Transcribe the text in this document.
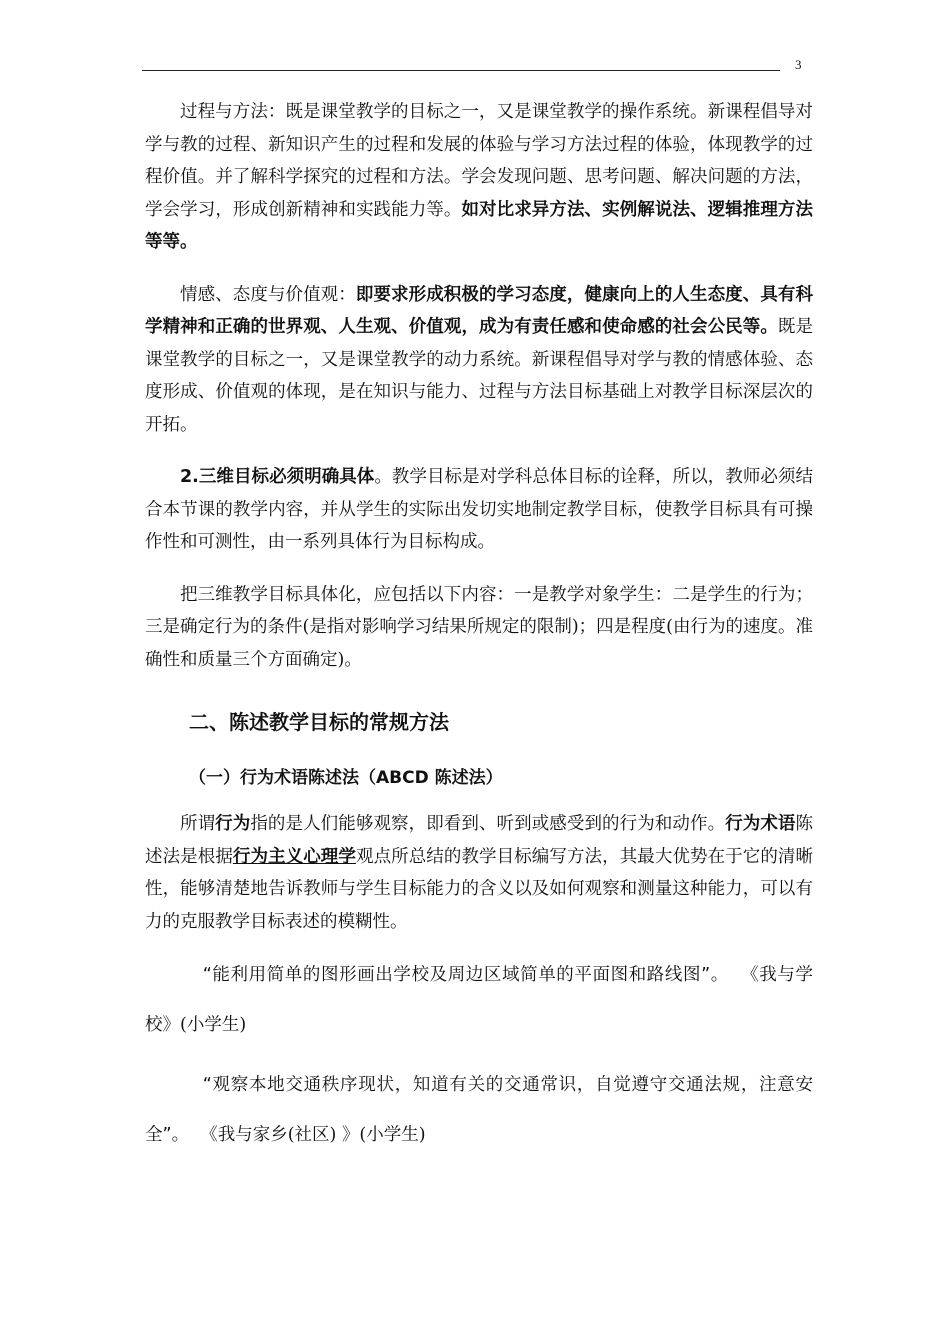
3

过程与方法：既是课堂教学的目标之一，又是课堂教学的操作系统。新课程倡导对学与教的过程、新知识产生的过程和发展的体验与学习方法过程的体验，体现教学的过程价值。并了解科学探究的过程和方法。学会发现问题、思考问题、解决问题的方法，学会学习，形成创新精神和实践能力等。如对比求异方法、实例解说法、逻辑推理方法等等。

情感、态度与价值观：即要求形成积极的学习态度，健康向上的人生态度、具有科学精神和正确的世界观、人生观、价值观，成为有责任感和使命感的社会公民等。既是课堂教学的目标之一，又是课堂教学的动力系统。新课程倡导对学与教的情感体验、态度形成、价值观的体现，是在知识与能力、过程与方法目标基础上对教学目标深层次的开拓。

2.三维目标必须明确具体。教学目标是对学科总体目标的诠释，所以，教师必须结合本节课的教学内容，并从学生的实际出发切实地制定教学目标，使教学目标具有可操作性和可测性，由一系列具体行为目标构成。

把三维教学目标具体化，应包括以下内容：一是教学对象学生：二是学生的行为；三是确定行为的条件(是指对影响学习结果所规定的限制)；四是程度(由行为的速度。准确性和质量三个方面确定)。

二、陈述教学目标的常规方法
（一）行为术语陈述法（ABCD 陈述法）

所谓行为指的是人们能够观察，即看到、听到或感受到的行为和动作。行为术语陈述法是根据行为主义心理学观点所总结的教学目标编写方法，其最大优势在于它的清晰性，能够清楚地告诉教师与学生目标能力的含义以及如何观察和测量这种能力，可以有力的克服教学目标表述的模糊性。

“能利用简单的图形画出学校及周边区域简单的平面图和路线图”。 《我与学校》(小学生)

“观察本地交通秩序现状，知道有关的交通常识，自觉遵守交通法规，注意安全”。 《我与家乡(社区) 》(小学生)
